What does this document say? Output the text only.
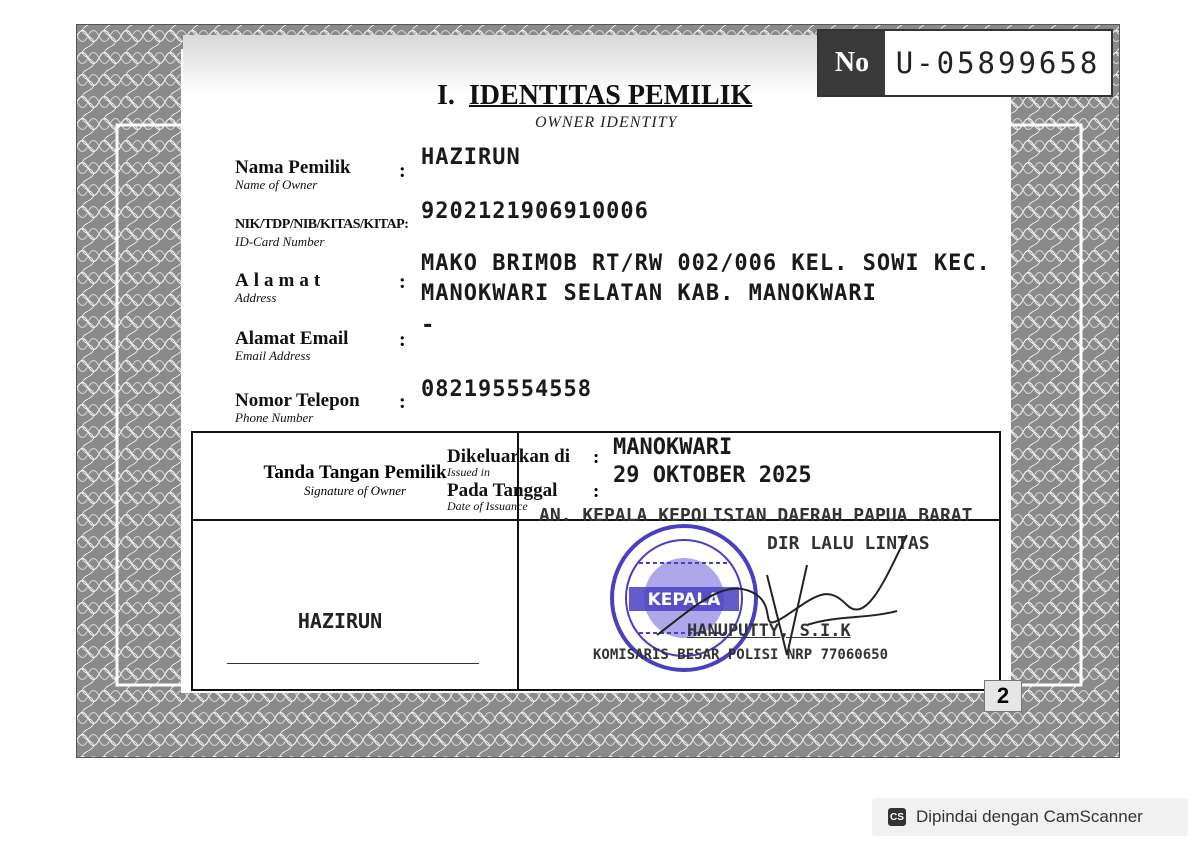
No U-05899658
I. IDENTITAS PEMILIK
OWNER IDENTITY
Nama Pemilik
Name of Owner
:
HAZIRUN
NIK/TDP/NIB/KITAS/KITAP:
ID-Card Number
9202121906910006
Alamat
Address
:
MAKO BRIMOB RT/RW 002/006 KEL. SOWI KEC.
MANOKWARI SELATAN KAB. MANOKWARI
Alamat Email
Email Address
:
-
Nomor Telepon
Phone Number
: 082195554558
Tanda Tangan Pemilik
Signature of Owner
HAZIRUN
Dikeluarkan di
Issued in
: MANOKWARI
Pada Tanggal
Date of Issuance
:
29 OKTOBER 2025
AN. KEPALA KEPOLISIAN DAERAH PAPUA BARAT
DIR LALU LINTAS
KEPALA
HANUPUTTY, S.I.K
KOMISARIS BESAR POLISI NRP 77060650
2
CS Dipindai dengan CamScanner
